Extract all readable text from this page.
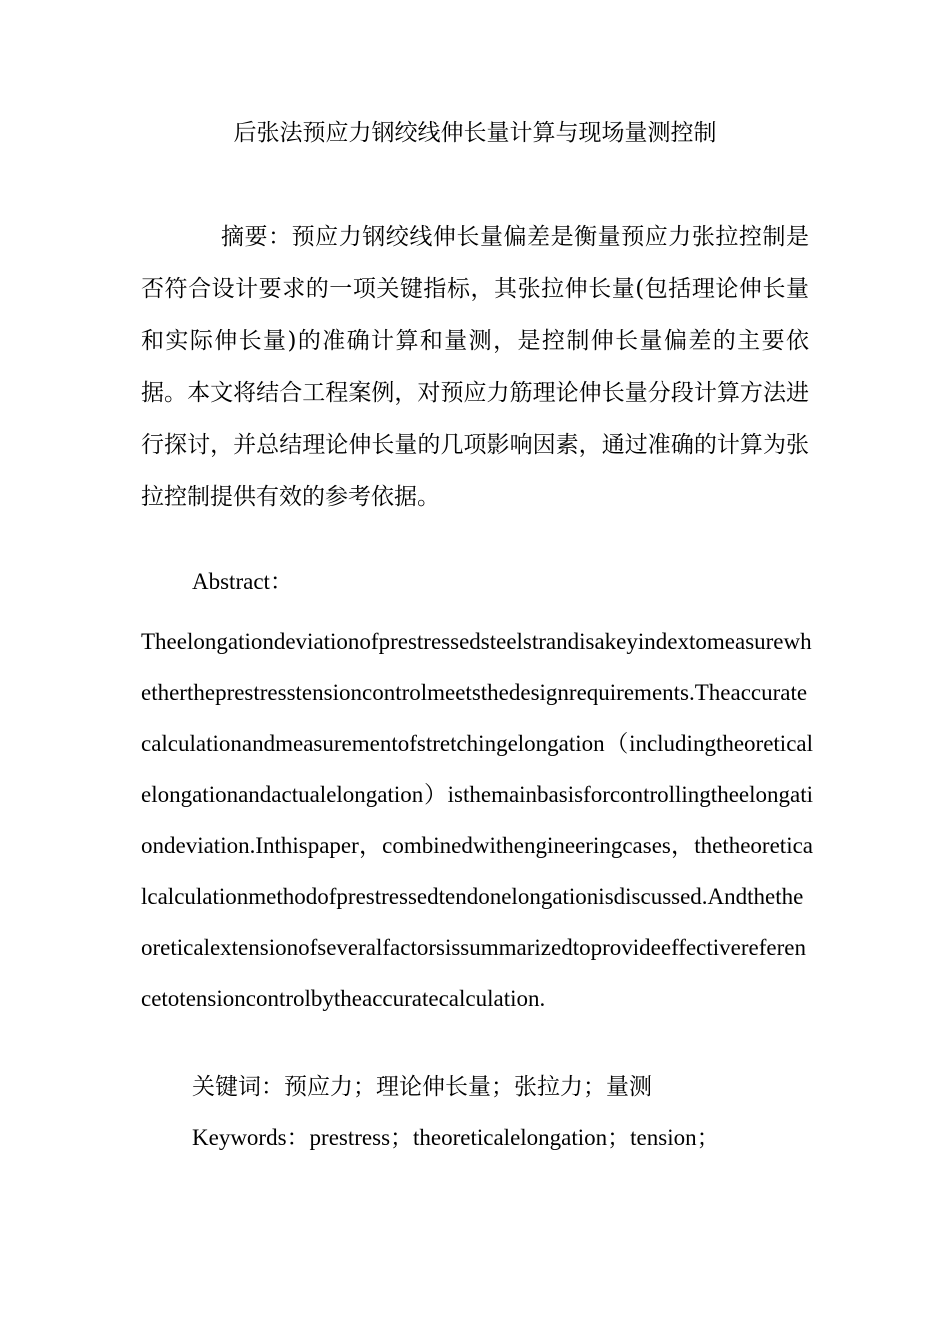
后张法预应力钢绞线伸长量计算与现场量测控制
摘要：预应力钢绞线伸长量偏差是衡量预应力张拉控制是否符合设计要求的一项关键指标，其张拉伸长量(包括理论伸长量和实际伸长量)的准确计算和量测，是控制伸长量偏差的主要依据。本文将结合工程案例，对预应力筋理论伸长量分段计算方法进行探讨，并总结理论伸长量的几项影响因素，通过准确的计算为张拉控制提供有效的参考依据。
Abstract：
Theelongationdeviationofprestressedsteelstrandisakeyindextomeasurewhethertheprestresstensioncontrolmeetsthedesignrequirements.Theaccuratecalculationandmeasurementofstretchingelongation（includingtheoreticalelongationandactualelongation）isthemainbasisforcontrollingtheelongationdeviation.Inthispaper，combinedwithengineeringcases，thetheoreticalcalculationmethodofprestressedtendonelongationisdiscussed.Andthetheoreticalextensionofseveralfactorsissummarizedtoprovideeffectivereferencetotensioncontrolbytheaccuratecalculation.
关键词：预应力；理论伸长量；张拉力；量测
Keywords：prestress；theoreticalelongation；tension；
